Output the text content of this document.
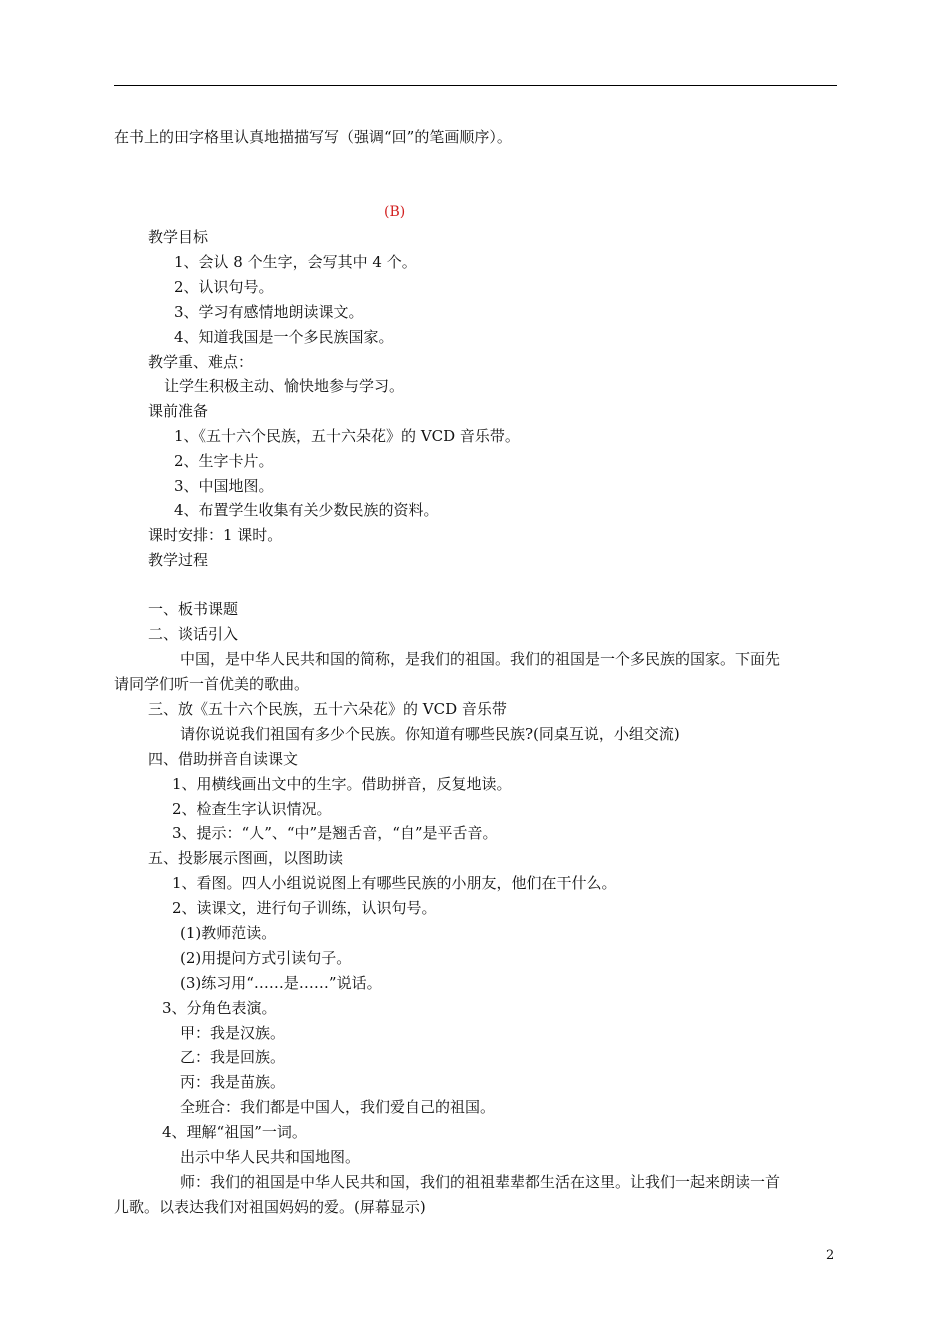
在书上的田字格里认真地描描写写（强调“回”的笔画顺序）。
(B)
教学目标
1、会认 8 个生字，会写其中 4 个。
2、认识句号。
3、学习有感情地朗读课文。
4、知道我国是一个多民族国家。
教学重、难点：
让学生积极主动、愉快地参与学习。
课前准备
1、《五十六个民族，五十六朵花》的 VCD 音乐带。
2、生字卡片。
3、中国地图。
4、布置学生收集有关少数民族的资料。
课时安排：1 课时。
教学过程
一、板书课题
二、谈话引入
中国，是中华人民共和国的简称，是我们的祖国。我们的祖国是一个多民族的国家。下面先
请同学们听一首优美的歌曲。
三、放《五十六个民族，五十六朵花》的 VCD 音乐带
请你说说我们祖国有多少个民族。你知道有哪些民族?(同桌互说，小组交流)
四、借助拼音自读课文
1、用横线画出文中的生字。借助拼音，反复地读。
2、检查生字认识情况。
3、提示：“人”、“中”是翘舌音，“自”是平舌音。
五、投影展示图画，以图助读
1、看图。四人小组说说图上有哪些民族的小朋友，他们在干什么。
2、读课文，进行句子训练，认识句号。
(1)教师范读。
(2)用提问方式引读句子。
(3)练习用“……是……”说话。
3、分角色表演。
甲：我是汉族。
乙：我是回族。
丙：我是苗族。
全班合：我们都是中国人，我们爱自己的祖国。
4、理解“祖国”一词。
出示中华人民共和国地图。
师：我们的祖国是中华人民共和国，我们的祖祖辈辈都生活在这里。让我们一起来朗读一首
儿歌。以表达我们对祖国妈妈的爱。(屏幕显示)
2
